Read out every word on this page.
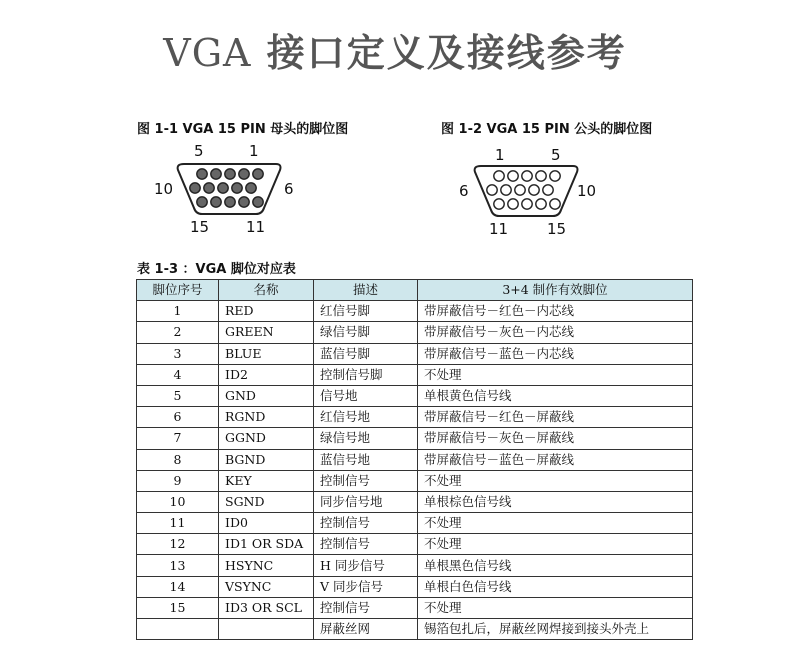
VGA 接口定义及接线参考
图 1-1 VGA 15 PIN 母头的脚位图	图 1-2 VGA 15 PIN 公头的脚位图
5	1
10	6
15 11
1	5
6	10
11	15
表 1-3 ：VGA 脚位对应表
脚位序号	名称	描述	3+4 制作有效脚位
1	RED	红信号脚	带屏蔽信号－红色－内芯线
2	GREEN	绿信号脚	带屏蔽信号－灰色－内芯线
3	BLUE	蓝信号脚	带屏蔽信号－蓝色－内芯线
4	ID2	控制信号脚	不处理
5	GND	信号地	单根黄色信号线
6	RGND	红信号地	带屏蔽信号－红色－屏蔽线
7	GGND	绿信号地	带屏蔽信号－灰色－屏蔽线
8	BGND	蓝信号地	带屏蔽信号－蓝色－屏蔽线
9	KEY	控制信号	不处理
10	SGND	同步信号地	单根棕色信号线
11	ID0	控制信号	不处理
12	ID1 OR SDA	控制信号	不处理
13	HSYNC	H 同步信号	单根黑色信号线
14	VSYNC	V 同步信号	单根白色信号线
15	ID3 OR SCL	控制信号	不处理
		屏蔽丝网	锡箔包扎后，屏蔽丝网焊接到接头外壳上
